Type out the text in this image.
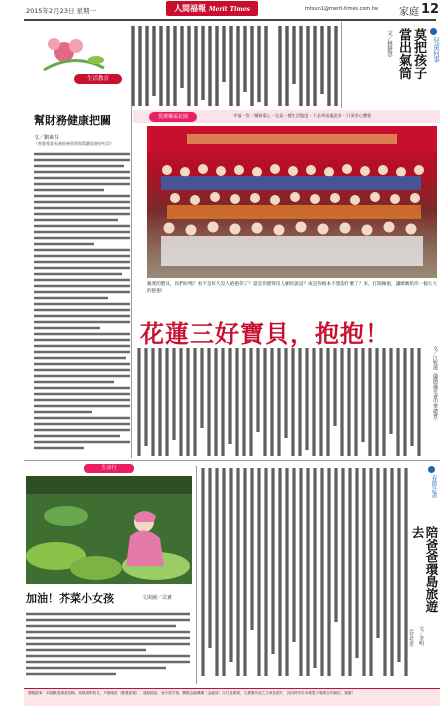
2015年2月23日 星期一	人間福報 Merit Times	mtsun1@merit-times.com.tw 家庭 12
兒童何事
莫把孩子當出氣筒
文／林靜慧
生活教育
幫財務健康把關
文／劉素芬
（香港專業家務財務管理與策劃協會研究員）
愛護樂福花園	幸福一堂・樂捐愛心・也是一種生活態度・不必到遠處追求・只須用心體會
親愛的寶貝，你們好嗎？看不是好久沒人抱抱你了？還是你覺得沒人願你說話？或是你根本不想說什麼了？來，打開擁抱，讓媽媽給你一個大大的抱抱！
花蓮三好寶貝，抱抱！
文／江牧滋（國際佛光會中華總會）
生活行
加油！芥菜小女孩	文與圖／以實
春節計畫
陪爸爸環島旅遊去
文／李明
（台北市）
閱報啟事：本版歡迎讀者投稿，來稿請附姓名、戶籍地址（郵遞區號）、連絡地址、身分證字號、轉帳金融機構（金融局）分行及帳號，凡獲選刊登之文章及照片，其同時刊於本報電子報與合作網站，謝謝！
